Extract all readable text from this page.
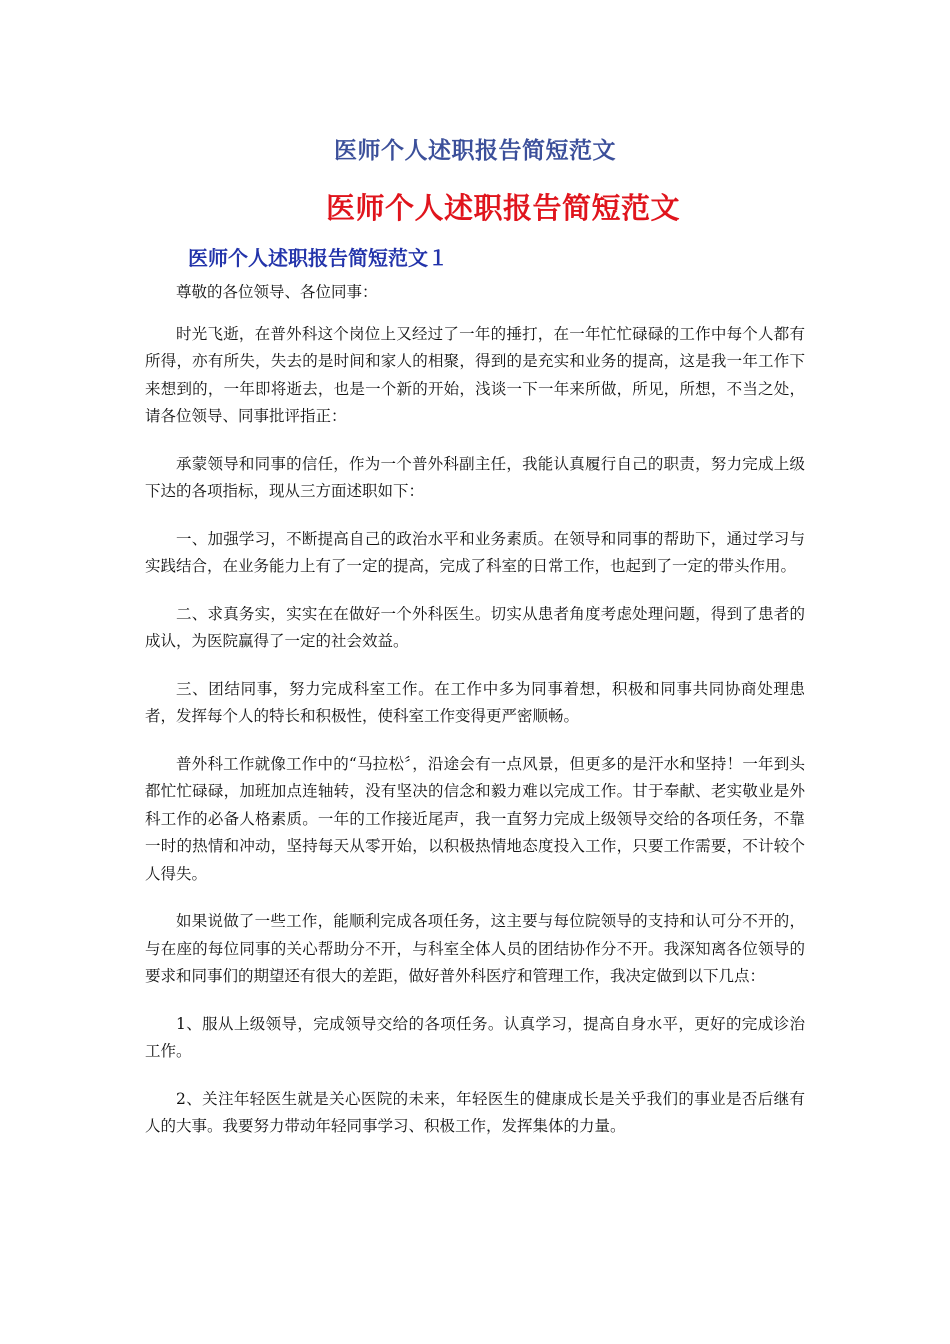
医师个人述职报告简短范文
医师个人述职报告简短范文
医师个人述职报告简短范文１

尊敬的各位领导、各位同事：

时光飞逝，在普外科这个岗位上又经过了一年的捶打，在一年忙忙碌碌的工作中每个人都有所得，亦有所失，失去的是时间和家人的相聚，得到的是充实和业务的提高，这是我一年工作下来想到的，一年即将逝去，也是一个新的开始，浅谈一下一年来所做，所见，所想，不当之处，请各位领导、同事批评指正：

承蒙领导和同事的信任，作为一个普外科副主任，我能认真履行自己的职责，努力完成上级下达的各项指标，现从三方面述职如下：

一、加强学习，不断提高自己的政治水平和业务素质。在领导和同事的帮助下，通过学习与实践结合，在业务能力上有了一定的提高，完成了科室的日常工作，也起到了一定的带头作用。

二、求真务实，实实在在做好一个外科医生。切实从患者角度考虑处理问题，得到了患者的成认，为医院赢得了一定的社会效益。

三、团结同事，努力完成科室工作。在工作中多为同事着想，积极和同事共同协商处理患者，发挥每个人的特长和积极性，使科室工作变得更严密顺畅。

普外科工作就像工作中的“马拉松〞，沿途会有一点风景，但更多的是汗水和坚持！一年到头都忙忙碌碌，加班加点连轴转，没有坚决的信念和毅力难以完成工作。甘于奉献、老实敬业是外科工作的必备人格素质。一年的工作接近尾声，我一直努力完成上级领导交给的各项任务，不靠一时的热情和冲动，坚持每天从零开始，以积极热情地态度投入工作，只要工作需要，不计较个人得失。

如果说做了一些工作，能顺利完成各项任务，这主要与每位院领导的支持和认可分不开的，与在座的每位同事的关心帮助分不开，与科室全体人员的团结协作分不开。我深知离各位领导的要求和同事们的期望还有很大的差距，做好普外科医疗和管理工作，我决定做到以下几点：

1、服从上级领导，完成领导交给的各项任务。认真学习，提高自身水平，更好的完成诊治工作。

2、关注年轻医生就是关心医院的未来，年轻医生的健康成长是关乎我们的事业是否后继有人的大事。我要努力带动年轻同事学习、积极工作，发挥集体的力量。
